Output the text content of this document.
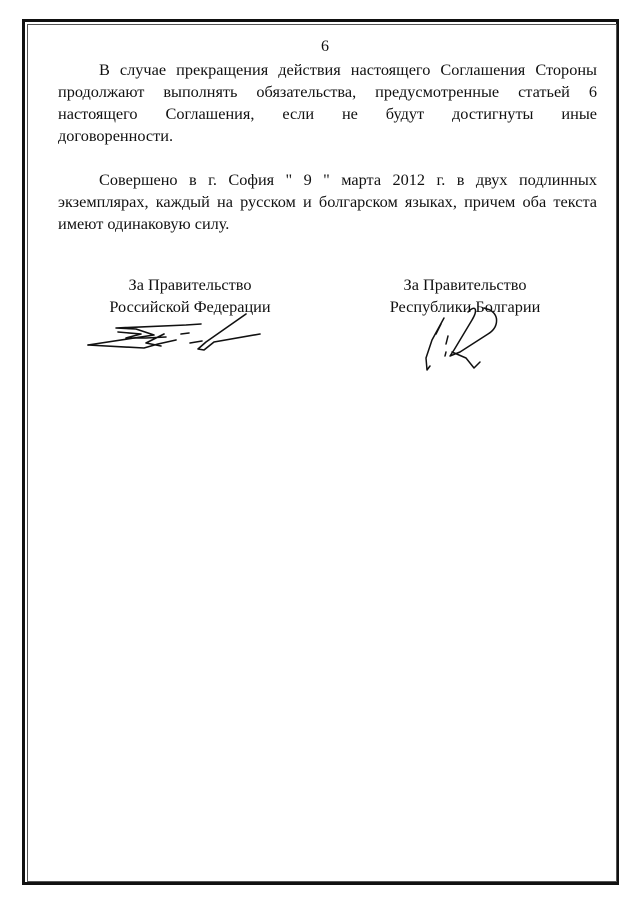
6
В случае прекращения действия настоящего Соглашения Стороны
продолжают выполнять обязательства, предусмотренные статьей 6
настоящего Соглашения, если не будут достигнуты иные
договоренности.
Совершено в г. София " 9 " марта 2012 г. в двух подлинных
экземплярах, каждый на русском и болгарском языках, причем оба текста
имеют одинаковую силу.
За Правительство
Российской Федерации
За Правительство
Республики Болгарии
